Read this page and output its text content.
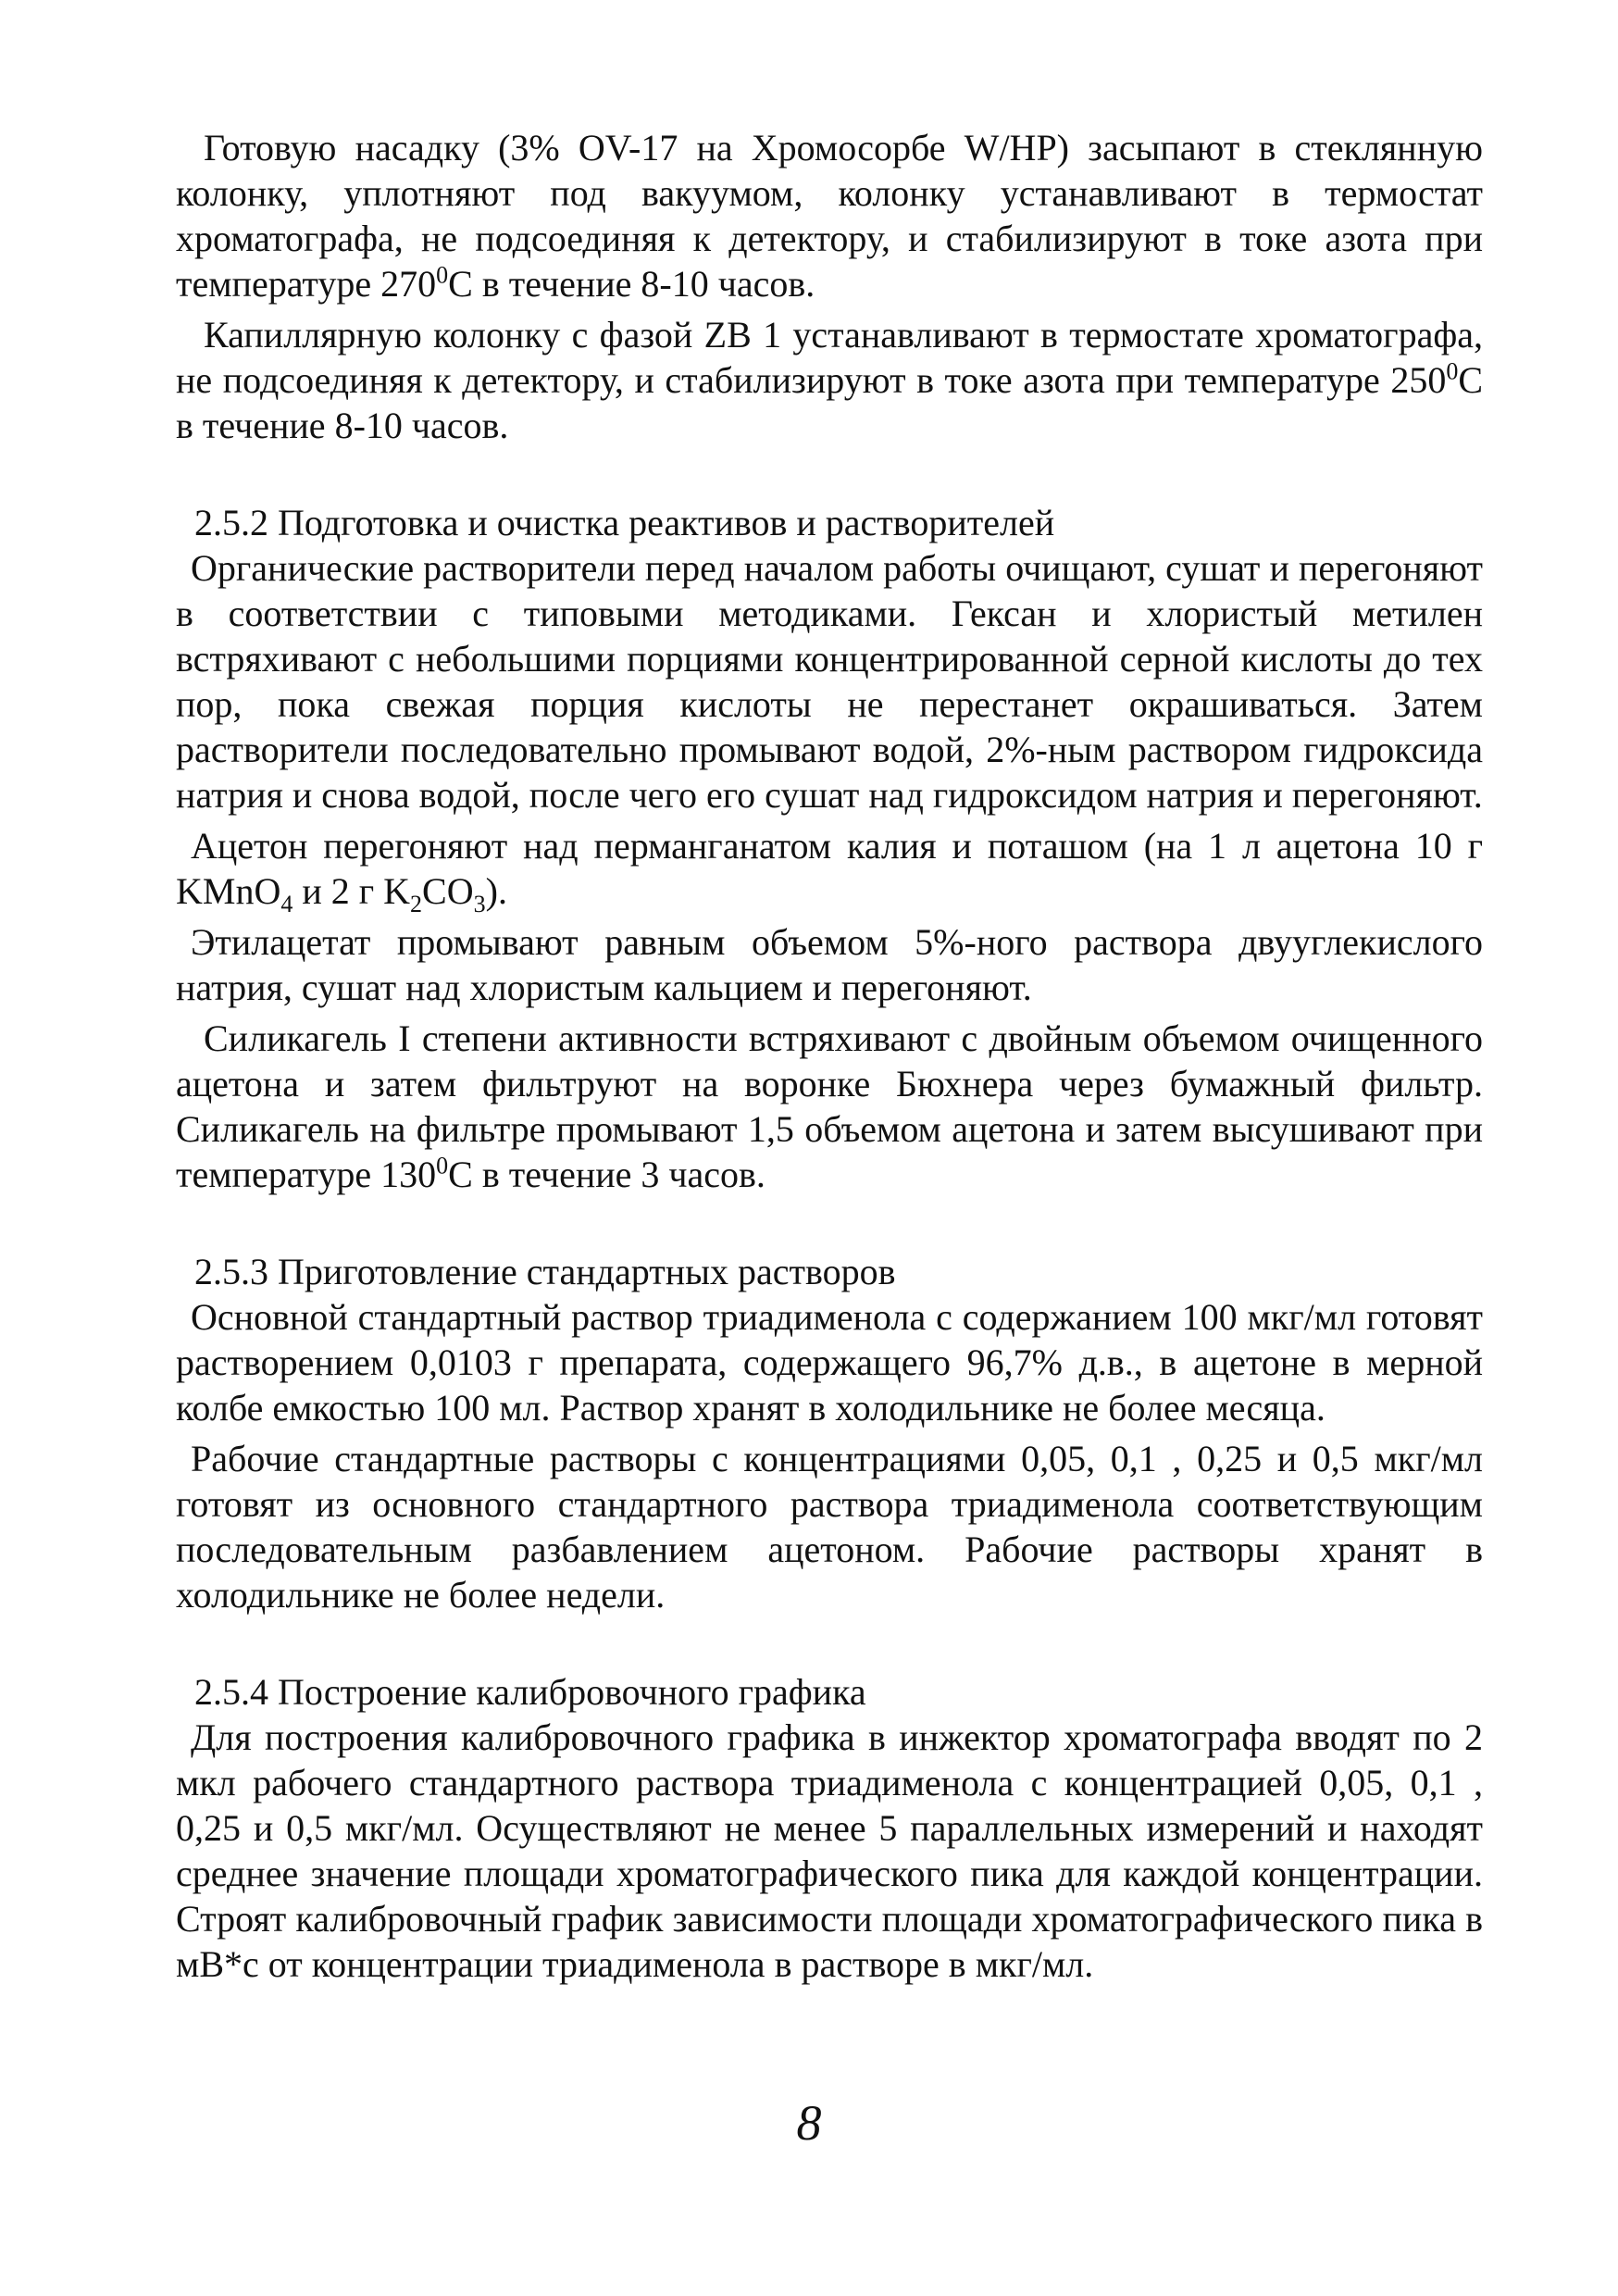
Готовую насадку (3% OV-17 на Хромосорбе W/HP) засыпают в стеклянную колонку, уплотняют под вакуумом, колонку устанавливают в термостат хроматографа, не подсоединяя к детектору, и стабилизируют в токе азота при температуре $270^0С$ в течение 8-10 часов.

Капиллярную колонку с фазой ZB 1 устанавливают в термостате хроматографа, не подсоединяя к детектору, и стабилизируют в токе азота при температуре $250^0С$ в течение 8-10 часов.

2.5.2 Подготовка и очистка реактивов и растворителей

Органические растворители перед началом работы очищают, сушат и перегоняют в соответствии с типовыми методиками. Гексан и хлористый метилен встряхивают с небольшими порциями концентрированной серной кислоты до тех пор, пока свежая порция кислоты не перестанет окрашиваться. Затем растворители последовательно промывают водой, 2%-ным раствором гидроксида натрия и снова водой, после чего его сушат над гидроксидом натрия и перегоняют.

Ацетон перегоняют над перманганатом калия и поташом (на 1 л ацетона 10 г KMnO$_4$ и 2 г $K_2CO_3$).

Этилацетат промывают равным объемом 5%-ного раствора двууглекислого натрия, сушат над хлористым кальцием и перегоняют.

Силикагель I степени активности встряхивают с двойным объемом очищенного ацетона и затем фильтруют на воронке Бюхнера через бумажный фильтр. Силикагель на фильтре промывают 1,5 объемом ацетона и затем высушивают при температуре $130^0С$ в течение 3 часов.

2.5.3 Приготовление стандартных растворов

Основной стандартный раствор триадименола с содержанием 100 мкг/мл готовят растворением 0,0103 г препарата, содержащего 96,7% д.в., в ацетоне в мерной колбе емкостью 100 мл. Раствор хранят в холодильнике не более месяца.

Рабочие стандартные растворы с концентрациями 0,05, 0,1 , 0,25 и 0,5 мкг/мл готовят из основного стандартного раствора триадименола соответствующим последовательным разбавлением ацетоном. Рабочие растворы хранят в холодильнике не более недели.

2.5.4 Построение калибровочного графика

Для построения калибровочного графика в инжектор хроматографа вводят по 2 мкл рабочего стандартного раствора триадименола с концентрацией 0,05, 0,1 , 0,25 и 0,5 мкг/мл. Осуществляют не менее 5 параллельных измерений и находят среднее значение площади хроматографического пика для каждой концентрации. Строят калибровочный график зависимости площади хроматографического пика в мВ*с от концентрации триадименола в растворе в мкг/мл.

8
